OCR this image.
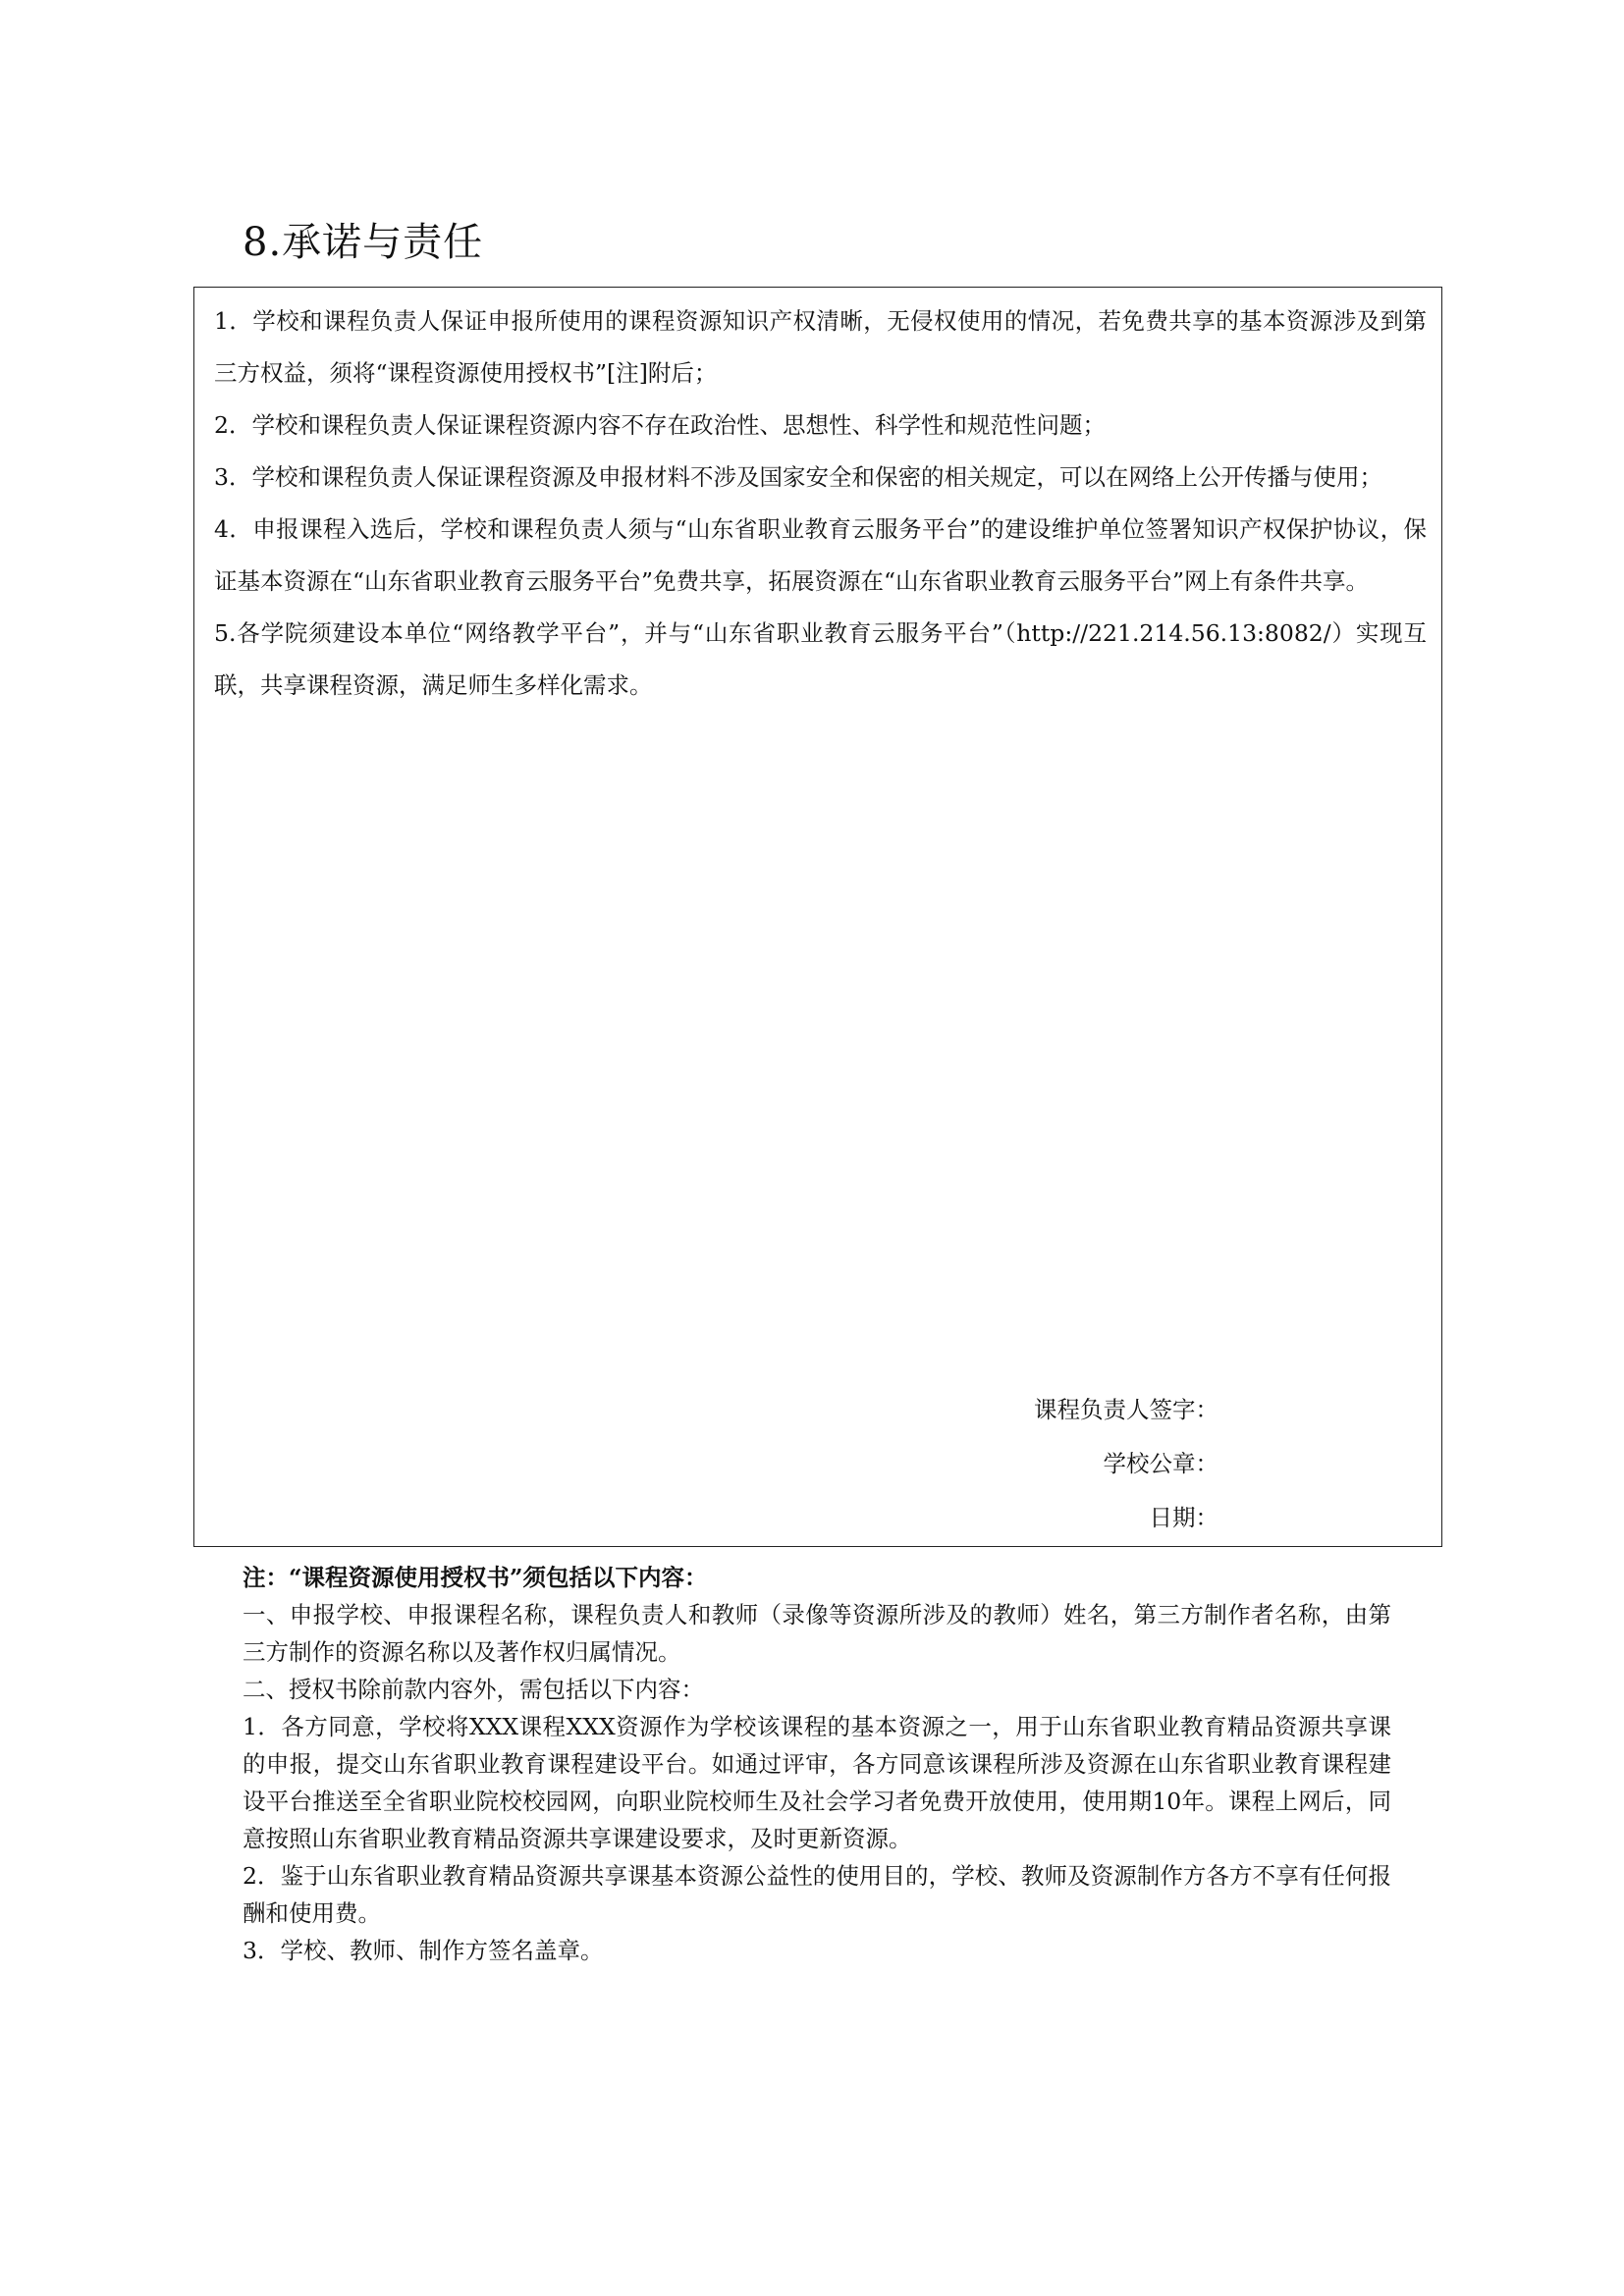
8.承诺与责任

1．学校和课程负责人保证申报所使用的课程资源知识产权清晰，无侵权使用的情况，若免费共享的基本资源涉及到第三方权益，须将“课程资源使用授权书”[注]附后；

2．学校和课程负责人保证课程资源内容不存在政治性、思想性、科学性和规范性问题；

3．学校和课程负责人保证课程资源及申报材料不涉及国家安全和保密的相关规定，可以在网络上公开传播与使用；

4．申报课程入选后，学校和课程负责人须与“山东省职业教育云服务平台”的建设维护单位签署知识产权保护协议，保证基本资源在“山东省职业教育云服务平台”免费共享，拓展资源在“山东省职业教育云服务平台”网上有条件共享。

5.各学院须建设本单位“网络教学平台”，并与“山东省职业教育云服务平台”（http://221.214.56.13:8082/）实现互联，共享课程资源，满足师生多样化需求。

课程负责人签字：

学校公章：

日期：

注：“课程资源使用授权书”须包括以下内容：

一、申报学校、申报课程名称，课程负责人和教师（录像等资源所涉及的教师）姓名，第三方制作者名称，由第三方制作的资源名称以及著作权归属情况。

二、授权书除前款内容外，需包括以下内容：

1．各方同意，学校将XXX课程XXX资源作为学校该课程的基本资源之一，用于山东省职业教育精品资源共享课的申报，提交山东省职业教育课程建设平台。如通过评审，各方同意该课程所涉及资源在山东省职业教育课程建设平台推送至全省职业院校校园网，向职业院校师生及社会学习者免费开放使用，使用期10年。课程上网后，同意按照山东省职业教育精品资源共享课建设要求，及时更新资源。

2．鉴于山东省职业教育精品资源共享课基本资源公益性的使用目的，学校、教师及资源制作方各方不享有任何报酬和使用费。

3．学校、教师、制作方签名盖章。
